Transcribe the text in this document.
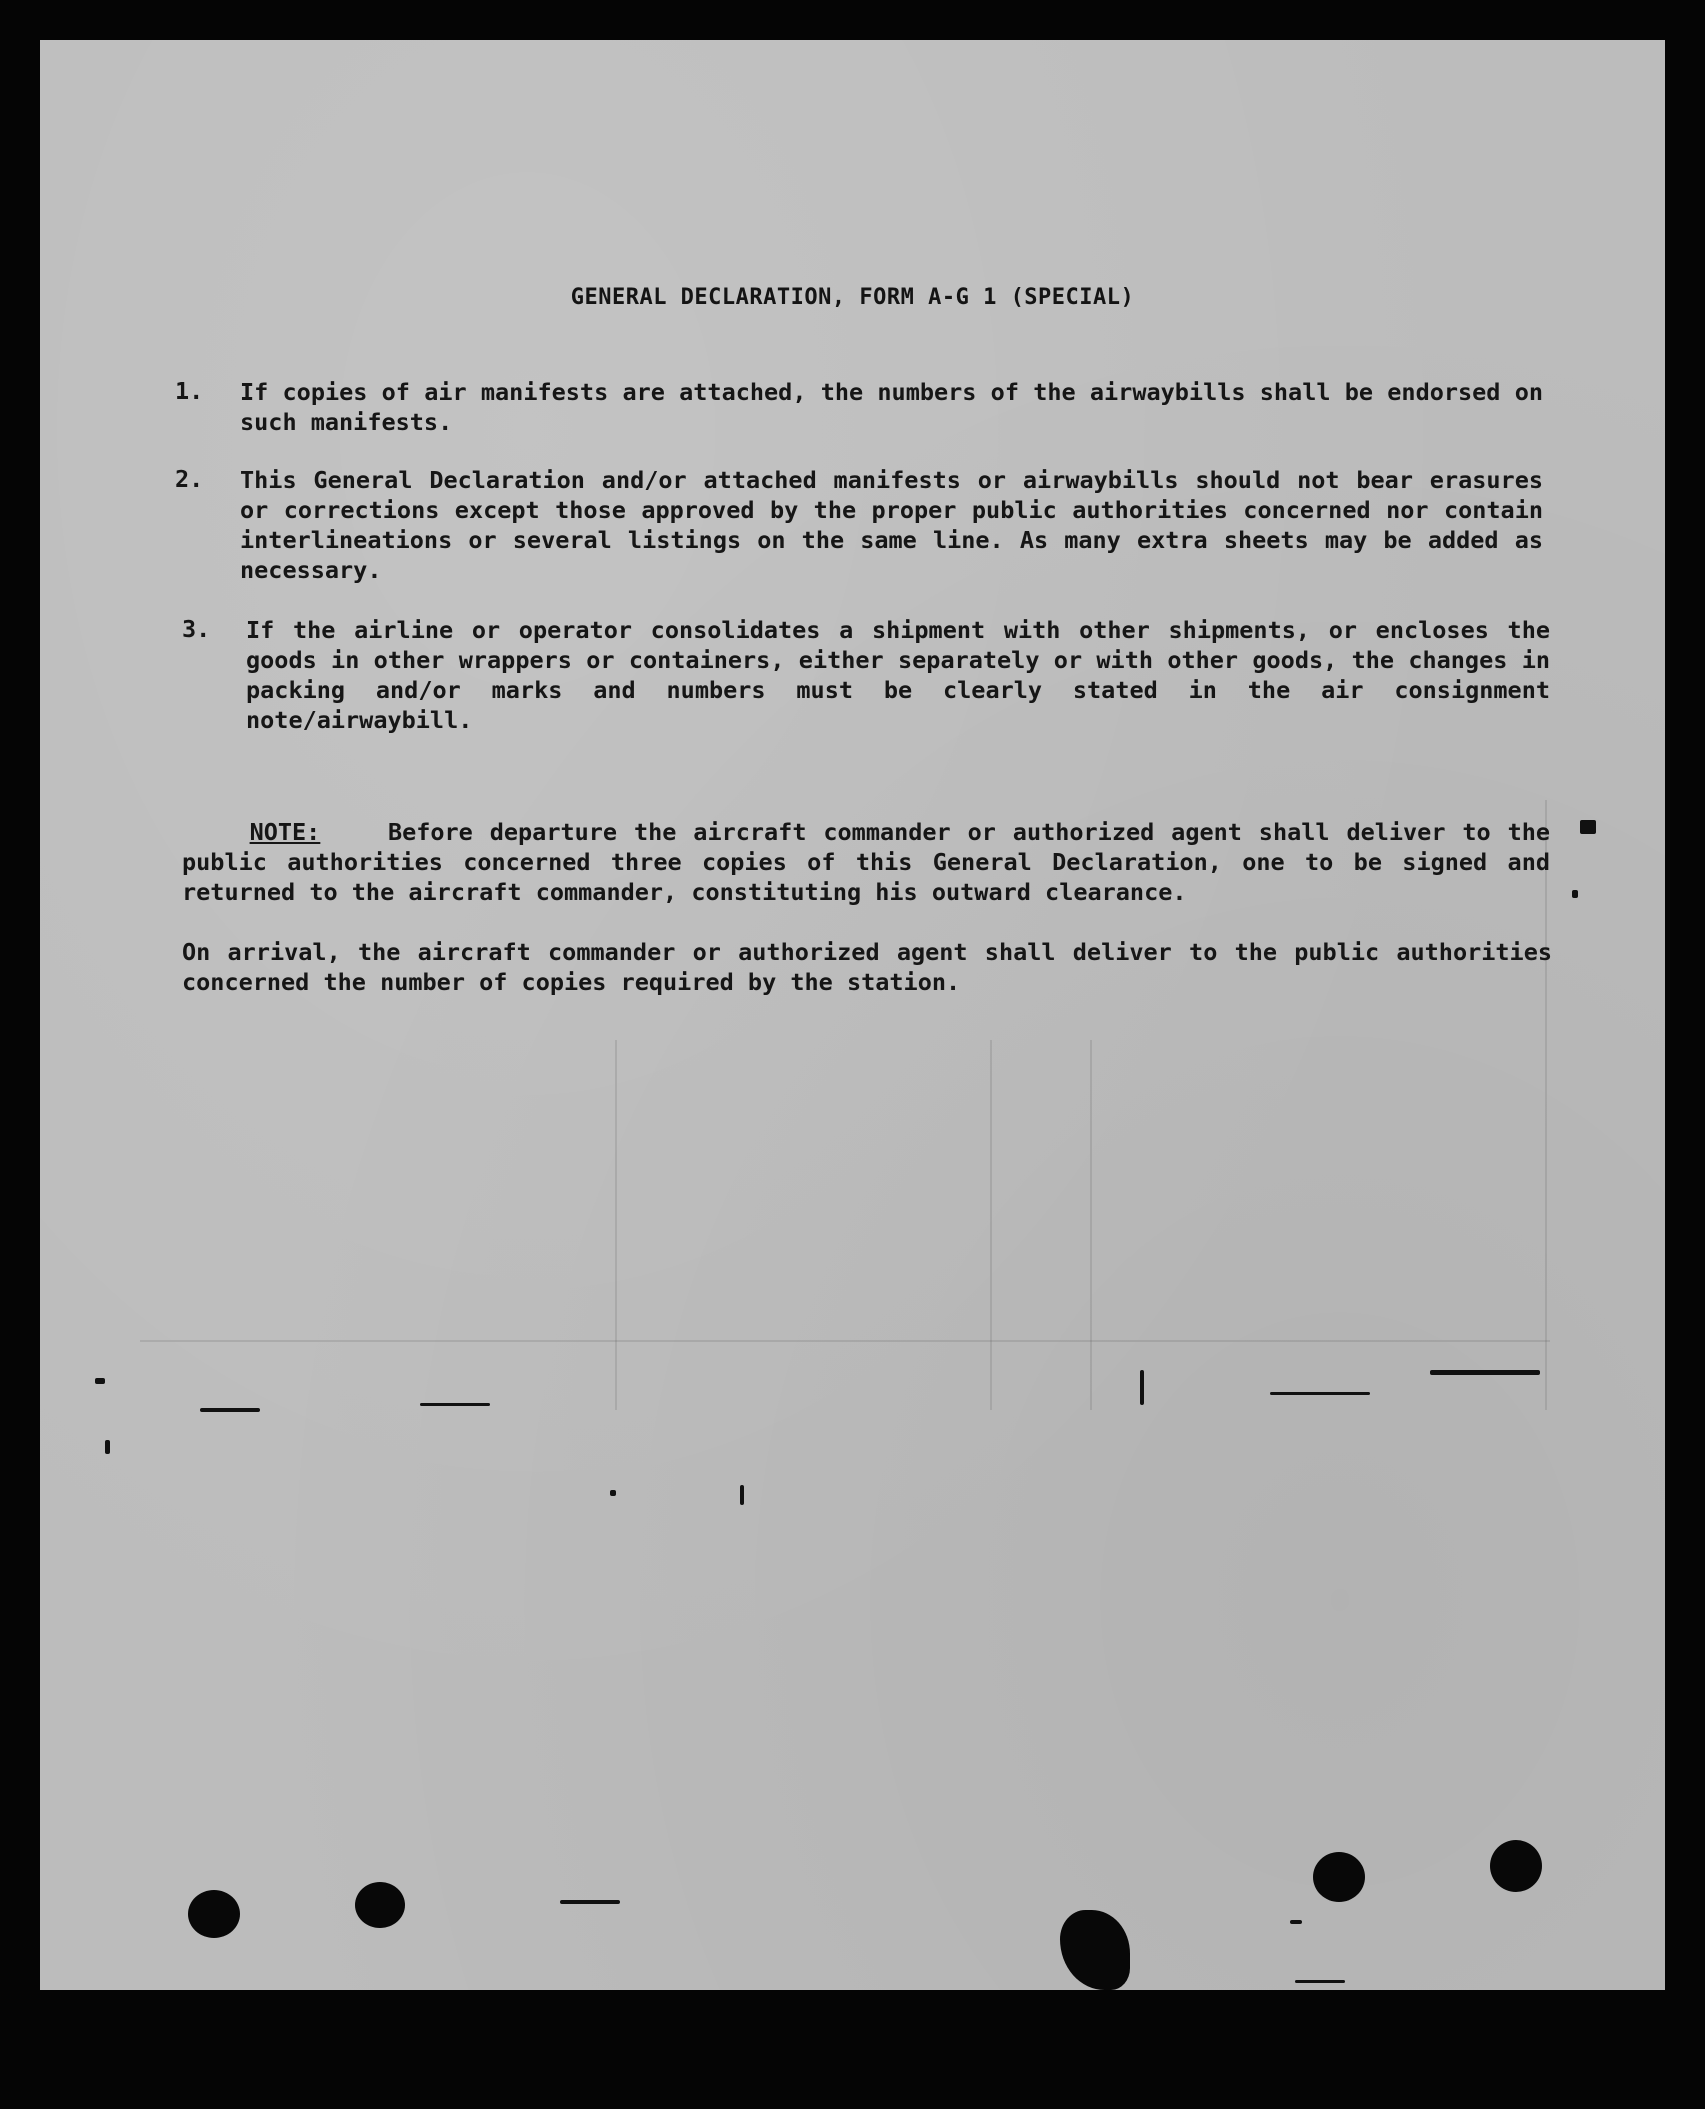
GENERAL DECLARATION, FORM A-G 1 (SPECIAL)
1. If copies of air manifests are attached, the numbers of the airwaybills shall be endorsed on such manifests.
2. This General Declaration and/or attached manifests or airwaybills should not bear erasures or corrections except those approved by the proper public authorities concerned nor contain interlineations or several listings on the same line. As many extra sheets may be added as necessary.
3. If the airline or operator consolidates a shipment with other shipments, or encloses the goods in other wrappers or containers, either separately or with other goods, the changes in packing and/or marks and numbers must be clearly stated in the air consignment note/airwaybill.

NOTE:	Before departure the aircraft commander or authorized agent shall deliver to the public authorities concerned three copies of this General Declaration, one to be signed and returned to the aircraft commander, constituting his outward clearance.

On arrival, the aircraft commander or authorized agent shall deliver to the public authorities concerned the number of copies required by the station.
